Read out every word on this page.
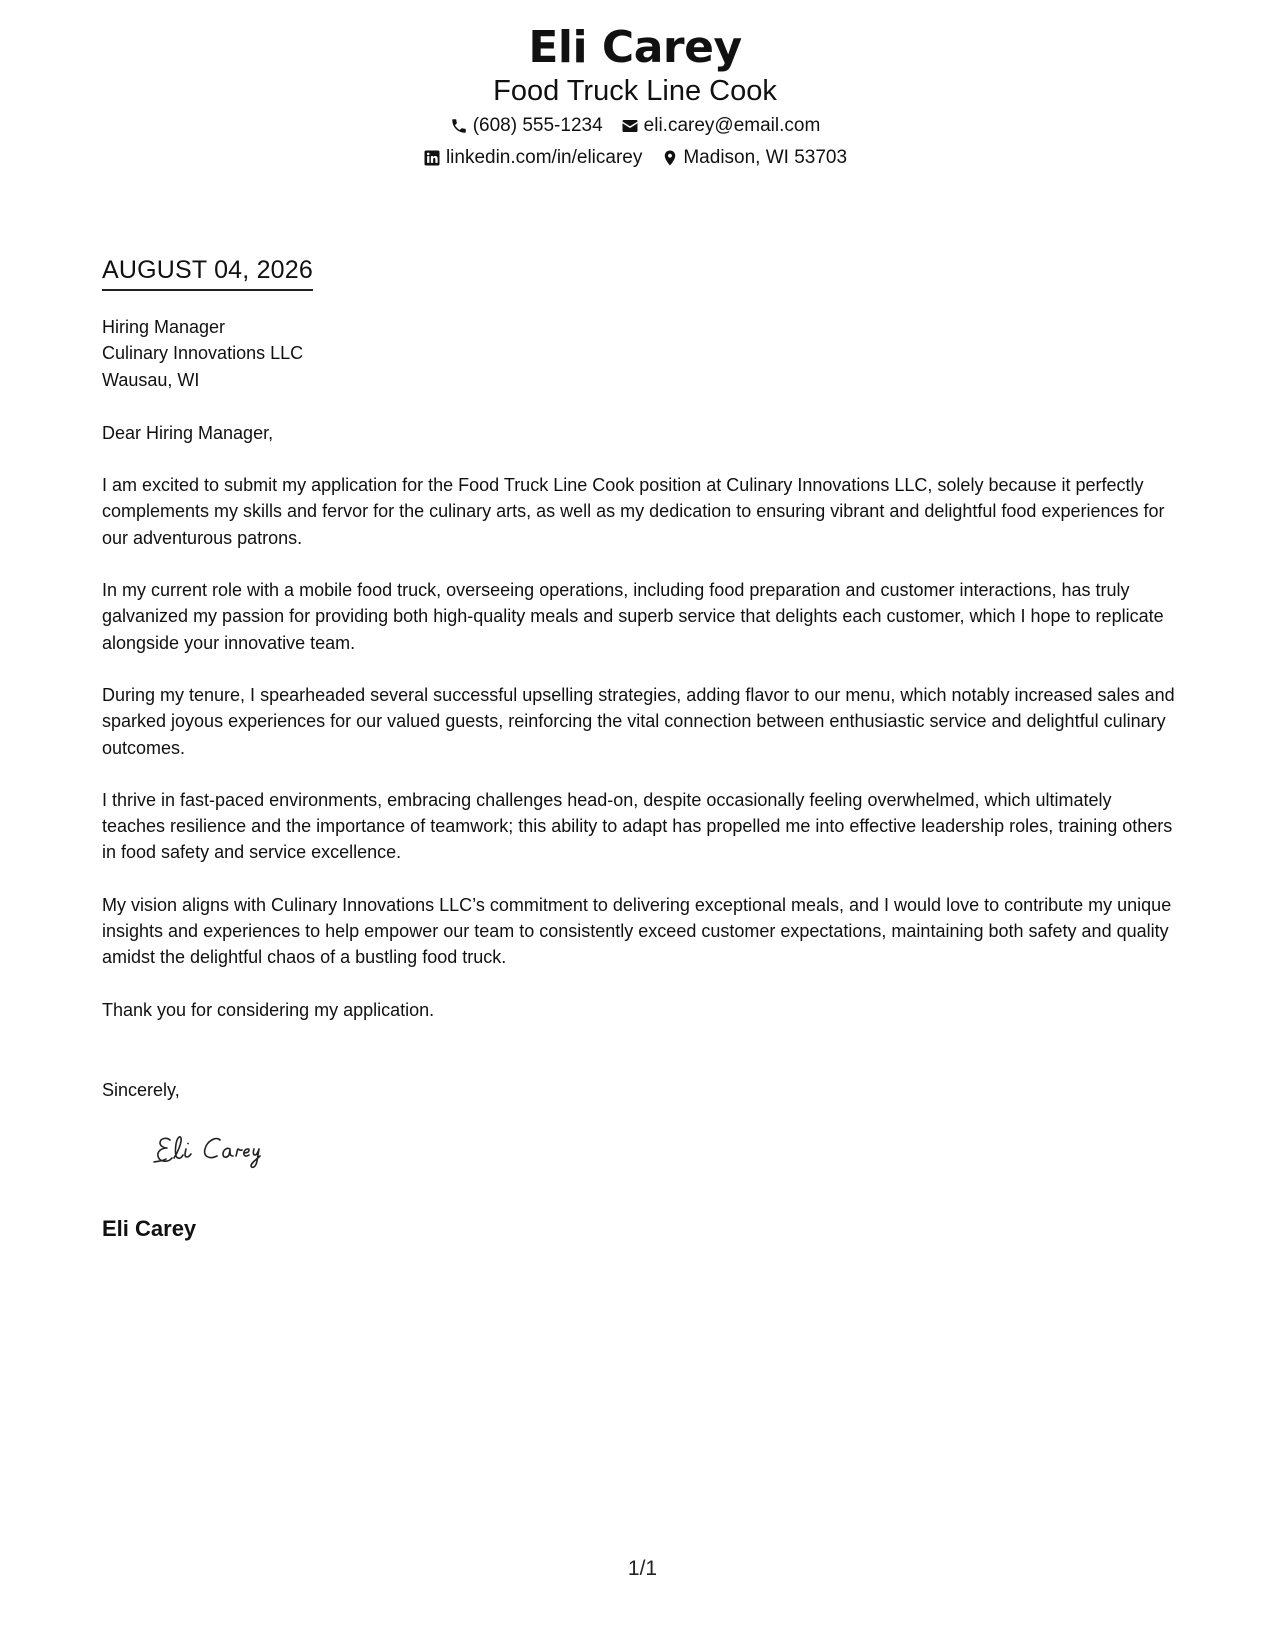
Eli Carey
Food Truck Line Cook
(608) 555-1234 eli.carey@email.com
linkedin.com/in/elicarey Madison, WI 53703
AUGUST 04, 2026
Hiring Manager
Culinary Innovations LLC
Wausau, WI
Dear Hiring Manager,

I am excited to submit my application for the Food Truck Line Cook position at Culinary Innovations LLC, solely because it perfectly complements my skills and fervor for the culinary arts, as well as my dedication to ensuring vibrant and delightful food experiences for our adventurous patrons.

In my current role with a mobile food truck, overseeing operations, including food preparation and customer interactions, has truly galvanized my passion for providing both high-quality meals and superb service that delights each customer, which I hope to replicate alongside your innovative team.

During my tenure, I spearheaded several successful upselling strategies, adding flavor to our menu, which notably increased sales and sparked joyous experiences for our valued guests, reinforcing the vital connection between enthusiastic service and delightful culinary outcomes.

I thrive in fast-paced environments, embracing challenges head-on, despite occasionally feeling overwhelmed, which ultimately teaches resilience and the importance of teamwork; this ability to adapt has propelled me into effective leadership roles, training others in food safety and service excellence.

My vision aligns with Culinary Innovations LLC’s commitment to delivering exceptional meals, and I would love to contribute my unique insights and experiences to help empower our team to consistently exceed customer expectations, maintaining both safety and quality amidst the delightful chaos of a bustling food truck.

Thank you for considering my application.
Sincerely,
Eli Carey
1/1
